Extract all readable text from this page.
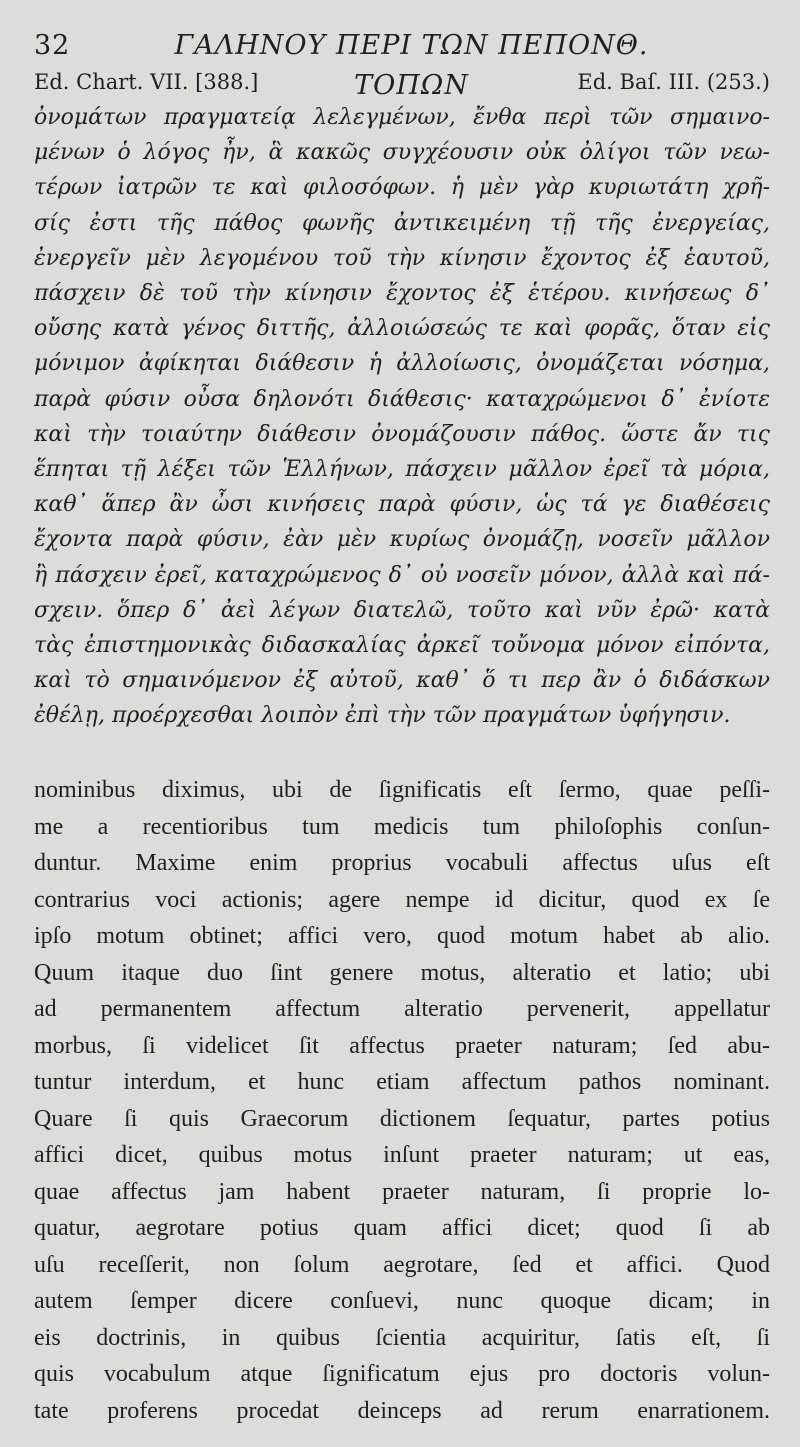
32	ΓΑΛΗΝΟΥ ΠΕΡΙ ΤΩΝ ΠΕΠΟΝΘ. ΤΟΠΩΝ
Ed. Chart. VII. [388.]	Ed. Baſ. III. (253.)
ὀνομάτων πραγματείᾳ λελεγμένων, ἔνθα περὶ τῶν σημαινο-
μένων ὁ λόγος ἦν, ἃ κακῶς συγχέουσιν οὐκ ὀλίγοι τῶν νεω-
τέρων ἰατρῶν τε καὶ φιλοσόφων. ἡ μὲν γὰρ κυριωτάτη χρῆ-
σίς ἐστι τῆς πάθος φωνῆς ἀντικειμένη τῇ τῆς ἐνεργείας,
ἐνεργεῖν μὲν λεγομένου τοῦ τὴν κίνησιν ἔχοντος ἐξ ἑαυτοῦ,
πάσχειν δὲ τοῦ τὴν κίνησιν ἔχοντος ἐξ ἑτέρου. κινήσεως δ᾽
οὔσης κατὰ γένος διττῆς, ἀλλοιώσεώς τε καὶ φορᾶς, ὅταν εἰς
μόνιμον ἀφίκηται διάθεσιν ἡ ἀλλοίωσις, ὀνομάζεται νόσημα,
παρὰ φύσιν οὖσα δηλονότι διάθεσις· καταχρώμενοι δ᾽ ἐνίοτε
καὶ τὴν τοιαύτην διάθεσιν ὀνομάζουσιν πάθος. ὥστε ἄν τις
ἕπηται τῇ λέξει τῶν Ἑλλήνων, πάσχειν μᾶλλον ἐρεῖ τὰ μόρια,
καθ᾽ ἅπερ ἂν ὦσι κινήσεις παρὰ φύσιν, ὡς τά γε διαθέσεις
ἔχοντα παρὰ φύσιν, ἐὰν μὲν κυρίως ὀνομάζῃ, νοσεῖν μᾶλλον
ἢ πάσχειν ἐρεῖ, καταχρώμενος δ᾽ οὐ νοσεῖν μόνον, ἀλλὰ καὶ πά-
σχειν. ὅπερ δ᾽ ἀεὶ λέγων διατελῶ, τοῦτο καὶ νῦν ἐρῶ· κατὰ
τὰς ἐπιστημονικὰς διδασκαλίας ἀρκεῖ τοὔνομα μόνον εἰπόντα,
καὶ τὸ σημαινόμενον ἐξ αὐτοῦ, καθ᾽ ὅ τι περ ἂν ὁ διδάσκων
ἐθέλῃ, προέρχεσθαι λοιπὸν ἐπὶ τὴν τῶν πραγμάτων ὑφήγησιν.
nominibus diximus, ubi de ſignificatis eſt ſermo, quae peſſi-
me a recentioribus tum medicis tum philoſophis conſun-
duntur. Maxime enim proprius vocabuli affectus uſus eſt
contrarius voci actionis; agere nempe id dicitur, quod ex ſe
ipſo motum obtinet; affici vero, quod motum habet ab alio.
Quum itaque duo ſint genere motus, alteratio et latio; ubi
ad permanentem affectum alteratio pervenerit, appellatur
morbus, ſi videlicet ſit affectus praeter naturam; ſed abu-
tuntur interdum, et hunc etiam affectum pathos nominant.
Quare ſi quis Graecorum dictionem ſequatur, partes potius
affici dicet, quibus motus inſunt praeter naturam; ut eas,
quae affectus jam habent praeter naturam, ſi proprie lo-
quatur, aegrotare potius quam affici dicet; quod ſi ab
uſu receſſerit, non ſolum aegrotare, ſed et affici. Quod
autem ſemper dicere conſuevi, nunc quoque dicam; in
eis doctrinis, in quibus ſcientia acquiritur, ſatis eſt, ſi
quis vocabulum atque ſignificatum ejus pro doctoris volun-
tate proferens procedat deinceps ad rerum enarrationem.
